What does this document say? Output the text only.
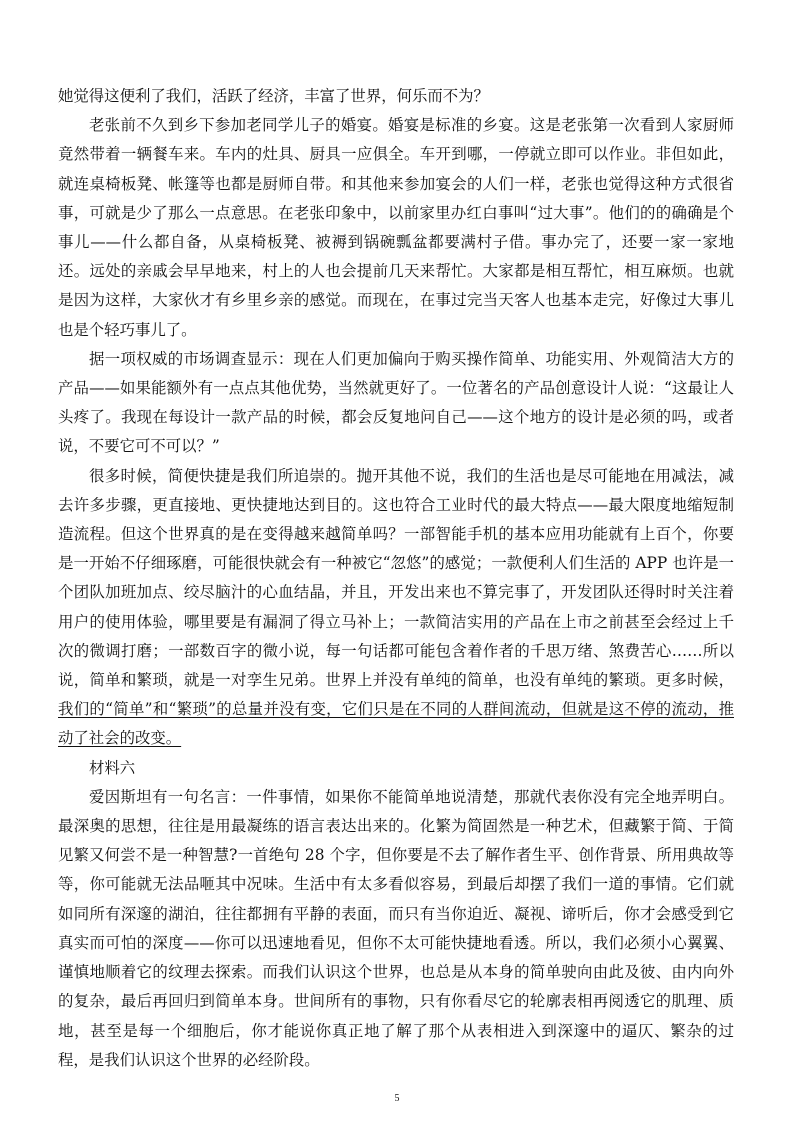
她觉得这便利了我们，活跃了经济，丰富了世界，何乐而不为？

老张前不久到乡下参加老同学儿子的婚宴。婚宴是标准的乡宴。这是老张第一次看到人家厨师竟然带着一辆餐车来。车内的灶具、厨具一应俱全。车开到哪，一停就立即可以作业。非但如此，就连桌椅板凳、帐篷等也都是厨师自带。和其他来参加宴会的人们一样，老张也觉得这种方式很省事，可就是少了那么一点意思。在老张印象中，以前家里办红白事叫“过大事”。他们的的确确是个事儿——什么都自备，从桌椅板凳、被褥到锅碗瓢盆都要满村子借。事办完了，还要一家一家地还。远处的亲戚会早早地来，村上的人也会提前几天来帮忙。大家都是相互帮忙，相互麻烦。也就是因为这样，大家伙才有乡里乡亲的感觉。而现在，在事过完当天客人也基本走完，好像过大事儿也是个轻巧事儿了。

据一项权威的市场调查显示：现在人们更加偏向于购买操作简单、功能实用、外观简洁大方的产品——如果能额外有一点点其他优势，当然就更好了。一位著名的产品创意设计人说：“这最让人头疼了。我现在每设计一款产品的时候，都会反复地问自己——这个地方的设计是必须的吗，或者说，不要它可不可以？”

很多时候，简便快捷是我们所追崇的。抛开其他不说，我们的生活也是尽可能地在用减法，减去许多步骤，更直接地、更快捷地达到目的。这也符合工业时代的最大特点——最大限度地缩短制造流程。但这个世界真的是在变得越来越简单吗？一部智能手机的基本应用功能就有上百个，你要是一开始不仔细琢磨，可能很快就会有一种被它“忽悠”的感觉；一款便利人们生活的 APP 也许是一个团队加班加点、绞尽脑汁的心血结晶，并且，开发出来也不算完事了，开发团队还得时时关注着用户的使用体验，哪里要是有漏洞了得立马补上；一款简洁实用的产品在上市之前甚至会经过上千次的微调打磨；一部数百字的微小说，每一句话都可能包含着作者的千思万绪、煞费苦心……所以说，简单和繁琐，就是一对孪生兄弟。世界上并没有单纯的简单，也没有单纯的繁琐。更多时候，我们的“简单”和“繁琐”的总量并没有变，它们只是在不同的人群间流动，但就是这不停的流动，推动了社会的改变。

材料六

爱因斯坦有一句名言：一件事情，如果你不能简单地说清楚，那就代表你没有完全地弄明白。最深奥的思想，往往是用最凝练的语言表达出来的。化繁为简固然是一种艺术，但藏繁于简、于简见繁又何尝不是一种智慧?一首绝句 28 个字，但你要是不去了解作者生平、创作背景、所用典故等等，你可能就无法品咂其中况味。生活中有太多看似容易，到最后却摆了我们一道的事情。它们就如同所有深邃的湖泊，往往都拥有平静的表面，而只有当你迫近、凝视、谛听后，你才会感受到它真实而可怕的深度——你可以迅速地看见，但你不太可能快捷地看透。所以，我们必须小心翼翼、谨慎地顺着它的纹理去探索。而我们认识这个世界，也总是从本身的简单驶向由此及彼、由内向外的复杂，最后再回归到简单本身。世间所有的事物，只有你看尽它的轮廓表相再阅透它的肌理、质地，甚至是每一个细胞后，你才能说你真正地了解了那个从表相进入到深邃中的逼仄、繁杂的过程，是我们认识这个世界的必经阶段。

5
